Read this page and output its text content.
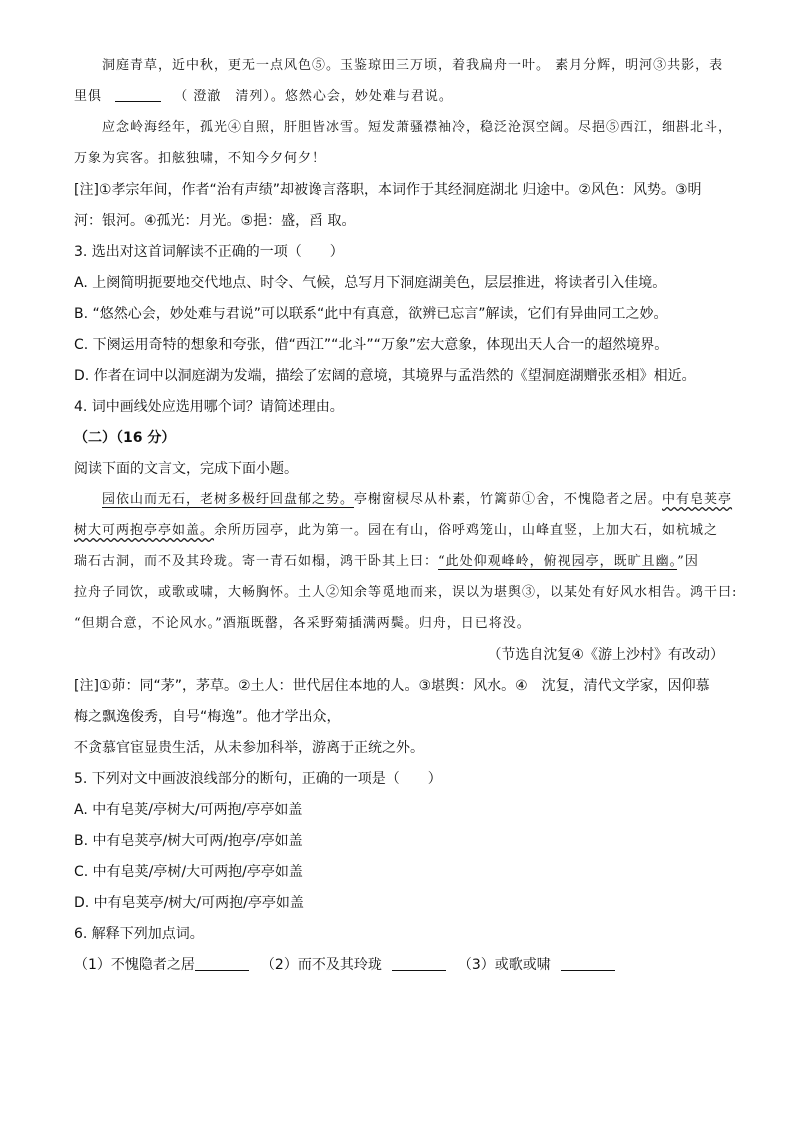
洞庭青草，近中秋，更无一点风色⑤。玉鉴琼田三万顷，着我扁舟一叶。 素月分辉，明河③共影，表
里俱	（ 澄澈　清列）。悠然心会，妙处难与君说。
应念岭海经年，孤光④自照，肝胆皆冰雪。短发萧骚襟袖冷，稳泛沧溟空阔。尽挹⑤西江，细斟北斗，
万象为宾客。扣舷独啸，不知今夕何夕！
[注]①孝宗年间，作者“治有声绩”却被谗言落职，本词作于其经洞庭湖北 归途中。②风色：风势。③明
河：银河。④孤光：月光。⑤挹：盛，舀 取。
3. 选出对这首词解读不正确的一项（　　）
A. 上阕简明扼要地交代地点、时令、气候，总写月下洞庭湖美色，层层推进，将读者引入佳境。
B. “悠然心会，妙处难与君说”可以联系“此中有真意，欲辨已忘言”解读，它们有异曲同工之妙。
C. 下阕运用奇特的想象和夸张，借“西江”“北斗”“万象”宏大意象，体现出天人合一的超然境界。
D. 作者在词中以洞庭湖为发端，描绘了宏阔的意境，其境界与孟浩然的《望洞庭湖赠张丞相》相近。
4. 词中画线处应选用哪个词？请简述理由。
（二）（16 分）
阅读下面的文言文，完成下面小题。
园依山而无石，老树多极纡回盘郁之势。亭榭窗棂尽从朴素，竹篱茆①舍，不愧隐者之居。中有皂荚亭
树大可两抱亭亭如盖。余所历园亭，此为第一。园在有山，俗呼鸡笼山，山峰直竖，上加大石，如杭城之
瑞石古洞，而不及其玲珑。寄一青石如榻，鸿干卧其上曰：“此处仰观峰岭，俯视园亭，既旷且幽。”因
拉舟子同饮，或歌或啸，大畅胸怀。土人②知余等觅地而来，误以为堪舆③，以某处有好风水相告。鸿干曰:
“但期合意，不论风水。”酒瓶既罄，各采野菊插满两鬓。归舟，日已将没。
（节选自沈复④《游上沙村》有改动）
[注]①茆：同“茅”，茅草。②土人：世代居住本地的人。③堪舆：风水。④　沈复，清代文学家，因仰慕
梅之飘逸俊秀，自号“梅逸”。他才学出众，
不贪慕官宦显贵生活，从未参加科举，游离于正统之外。
5. 下列对文中画波浪线部分的断句，正确的一项是（　　）
A. 中有皂荚/亭树大/可两抱/亭亭如盖
B. 中有皂荚亭/树大可两/抱亭/亭如盖
C. 中有皂荚/亭树/大可两抱/亭亭如盖
D. 中有皂荚亭/树大/可两抱/亭亭如盖
6. 解释下列加点词。
（1）不愧隐者之居	（2）而不及其玲珑	（3）或歌或啸
